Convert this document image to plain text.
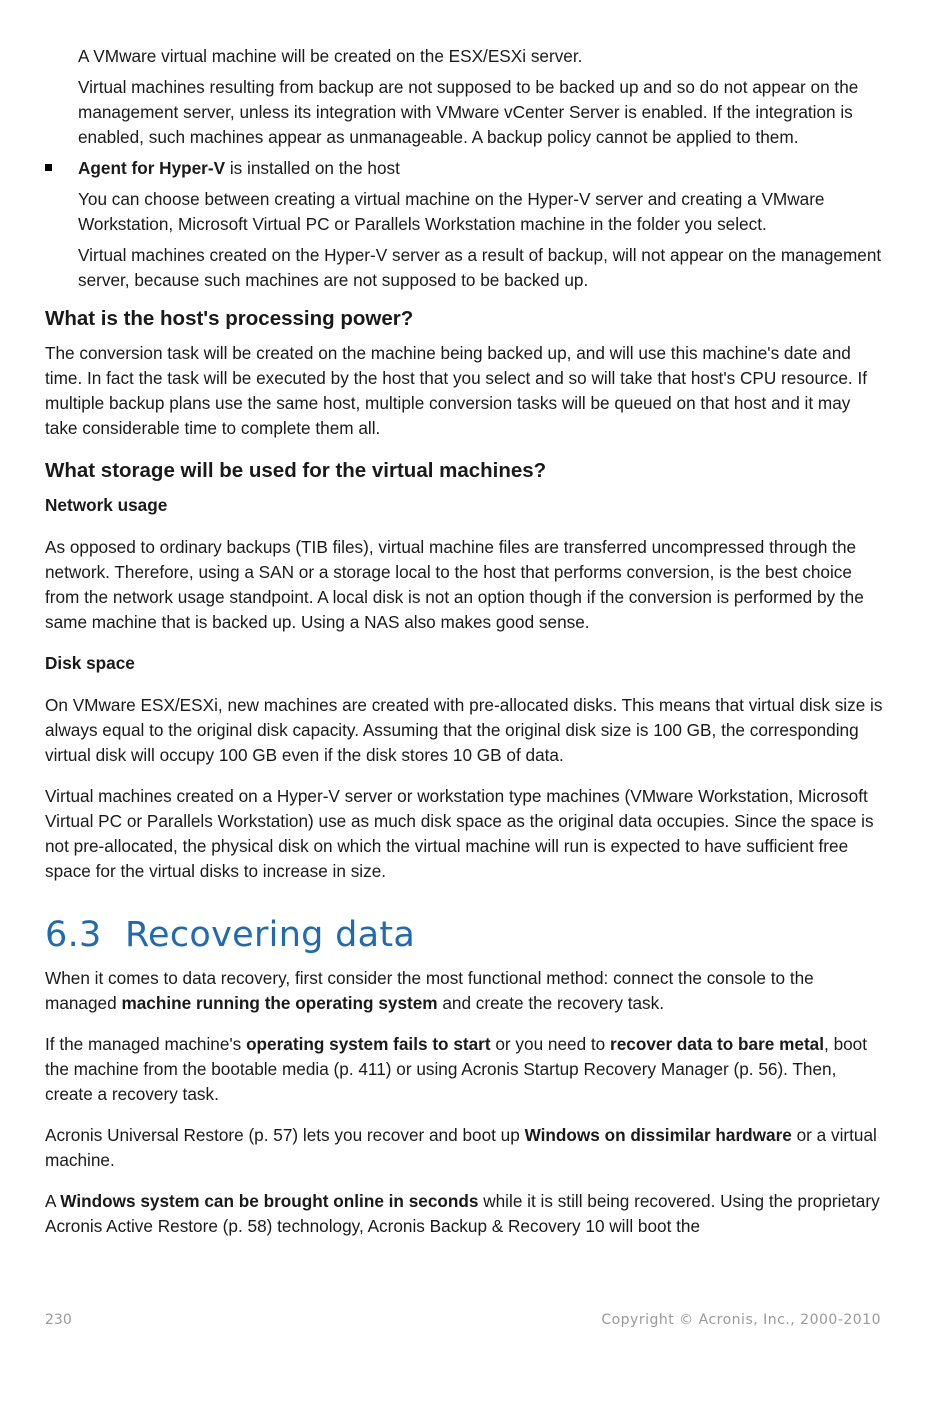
A VMware virtual machine will be created on the ESX/ESXi server.

Virtual machines resulting from backup are not supposed to be backed up and so do not appear on the management server, unless its integration with VMware vCenter Server is enabled. If the integration is enabled, such machines appear as unmanageable. A backup policy cannot be applied to them.

Agent for Hyper-V is installed on the host

You can choose between creating a virtual machine on the Hyper-V server and creating a VMware Workstation, Microsoft Virtual PC or Parallels Workstation machine in the folder you select.

Virtual machines created on the Hyper-V server as a result of backup, will not appear on the management server, because such machines are not supposed to be backed up.

What is the host's processing power?

The conversion task will be created on the machine being backed up, and will use this machine's date and time. In fact the task will be executed by the host that you select and so will take that host's CPU resource. If multiple backup plans use the same host, multiple conversion tasks will be queued on that host and it may take considerable time to complete them all.

What storage will be used for the virtual machines?
Network usage

As opposed to ordinary backups (TIB files), virtual machine files are transferred uncompressed through the network. Therefore, using a SAN or a storage local to the host that performs conversion, is the best choice from the network usage standpoint. A local disk is not an option though if the conversion is performed by the same machine that is backed up. Using a NAS also makes good sense.

Disk space

On VMware ESX/ESXi, new machines are created with pre-allocated disks. This means that virtual disk size is always equal to the original disk capacity. Assuming that the original disk size is 100 GB, the corresponding virtual disk will occupy 100 GB even if the disk stores 10 GB of data.

Virtual machines created on a Hyper-V server or workstation type machines (VMware Workstation, Microsoft Virtual PC or Parallels Workstation) use as much disk space as the original data occupies. Since the space is not pre-allocated, the physical disk on which the virtual machine will run is expected to have sufficient free space for the virtual disks to increase in size.

6.3 Recovering data

When it comes to data recovery, first consider the most functional method: connect the console to the managed machine running the operating system and create the recovery task.

If the managed machine's operating system fails to start or you need to recover data to bare metal, boot the machine from the bootable media (p. 411) or using Acronis Startup Recovery Manager (p. 56). Then, create a recovery task.

Acronis Universal Restore (p. 57) lets you recover and boot up Windows on dissimilar hardware or a virtual machine.

A Windows system can be brought online in seconds while it is still being recovered. Using the proprietary Acronis Active Restore (p. 58) technology, Acronis Backup & Recovery 10 will boot the

230	Copyright © Acronis, Inc., 2000-2010
